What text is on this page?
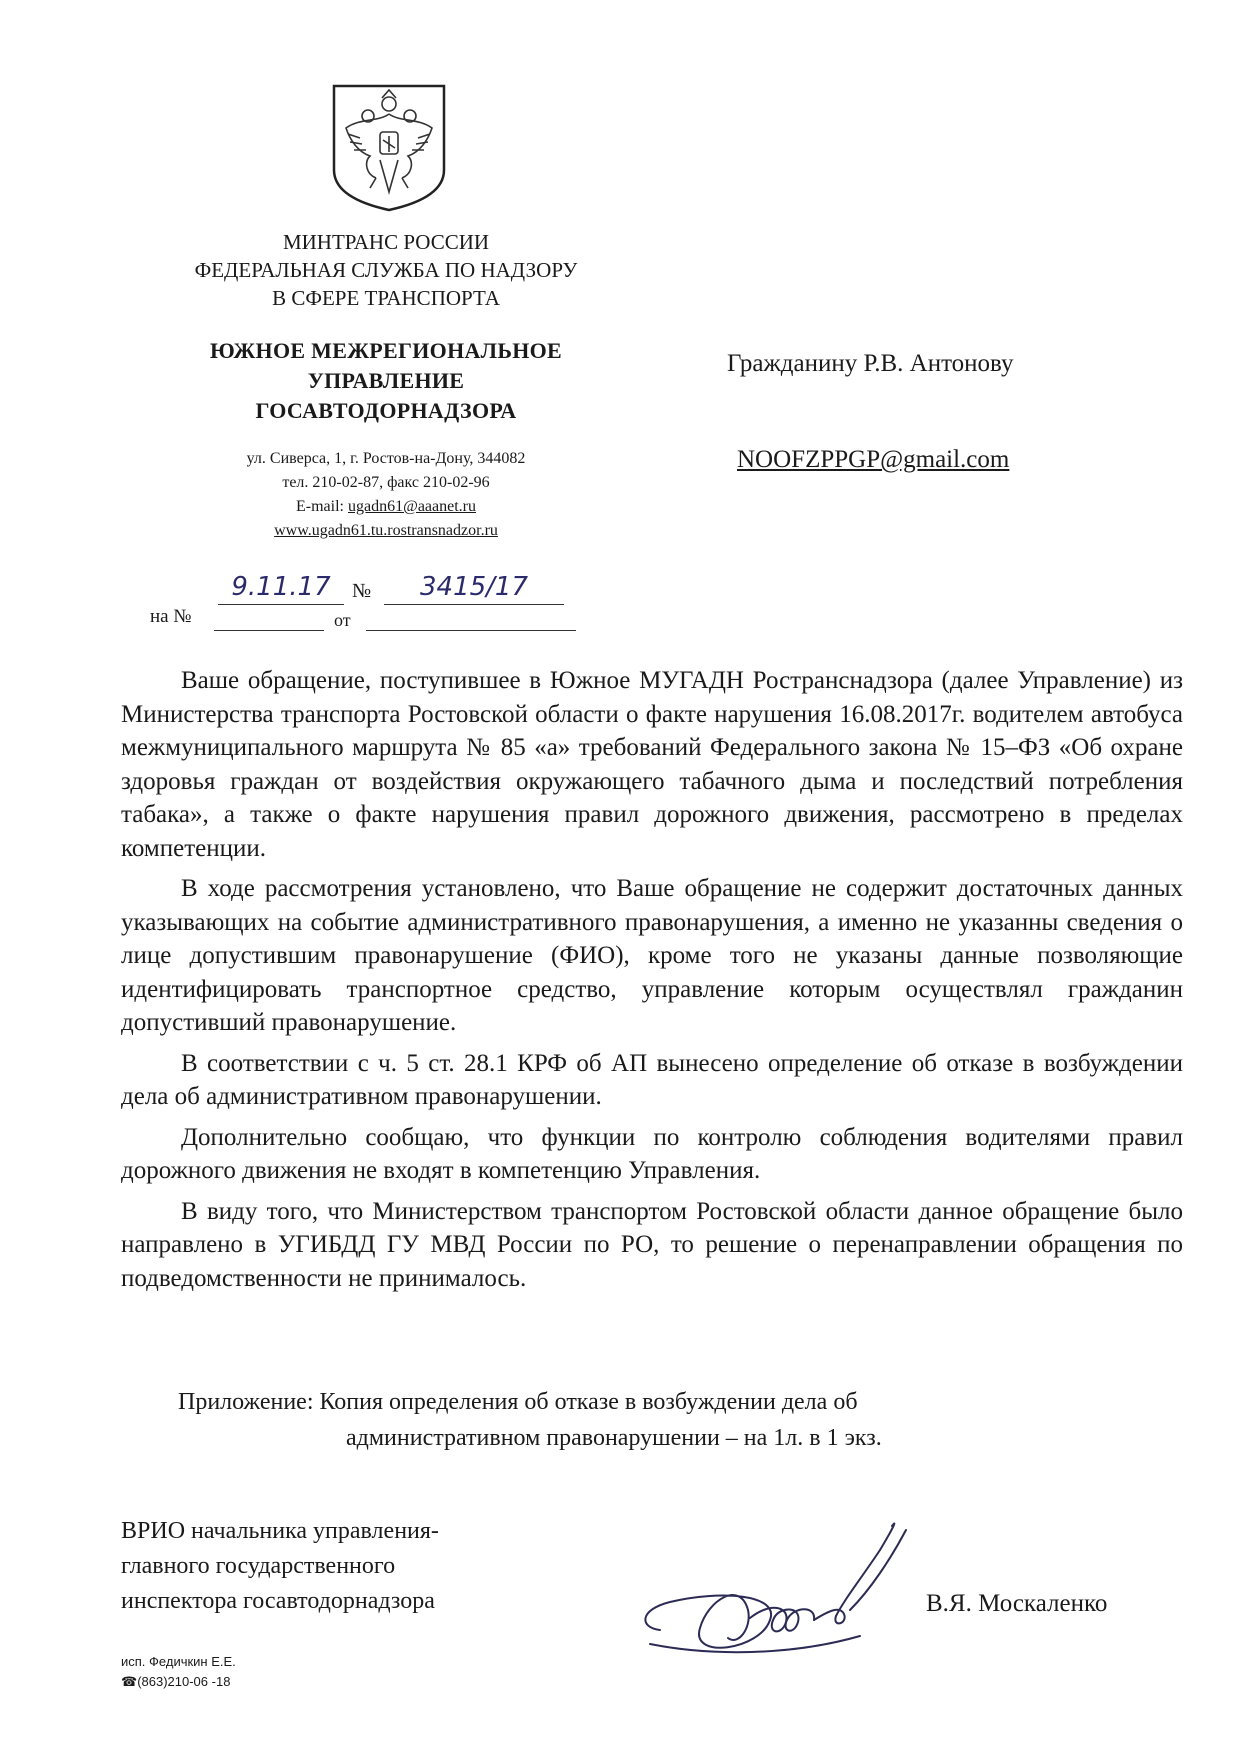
МИНТРАНС РОССИИ
ФЕДЕРАЛЬНАЯ СЛУЖБА ПО НАДЗОРУ
В СФЕРЕ ТРАНСПОРТА
ЮЖНОЕ МЕЖРЕГИОНАЛЬНОЕ
УПРАВЛЕНИЕ
ГОСАВТОДОРНАДЗОРА
ул. Сиверса, 1, г. Ростов-на-Дону, 344082
тел. 210-02-87, факс 210-02-96
E-mail: ugadn61@aaanet.ru
www.ugadn61.tu.rostransnadzor.ru
9.11.17	№	3415/17
на №	от
Гражданину Р.В. Антонову
NOOFZPPGP@gmail.com

Ваше обращение, поступившее в Южное МУГАДН Ространснадзора (далее Управление) из Министерства транспорта Ростовской области о факте нарушения 16.08.2017г. водителем автобуса межмуниципального маршрута № 85 «а» требований Федерального закона № 15–ФЗ «Об охране здоровья граждан от воздействия окружающего табачного дыма и последствий потребления табака», а также о факте нарушения правил дорожного движения, рассмотрено в пределах компетенции.

В ходе рассмотрения установлено, что Ваше обращение не содержит достаточных данных указывающих на событие административного правонарушения, а именно не указанны сведения о лице допустившим правонарушение (ФИО), кроме того не указаны данные позволяющие идентифицировать транспортное средство, управление которым осуществлял гражданин допустивший правонарушение.

В соответствии с ч. 5 ст. 28.1 КРФ об АП вынесено определение об отказе в возбуждении дела об административном правонарушении.

Дополнительно сообщаю, что функции по контролю соблюдения водителями правил дорожного движения не входят в компетенцию Управления.

В виду того, что Министерством транспортом Ростовской области данное обращение было направлено в УГИБДД ГУ МВД России по РО, то решение о перенаправлении обращения по подведомственности не принималось.

Приложение: Копия определения об отказе в возбуждении дела об
административном правонарушении – на 1л. в 1 экз.
ВРИО начальника управления-
главного государственного
инспектора госавтодорнадзора	В.Я. Москаленко
исп. Федичкин Е.Е.
☎(863)210-06 -18
